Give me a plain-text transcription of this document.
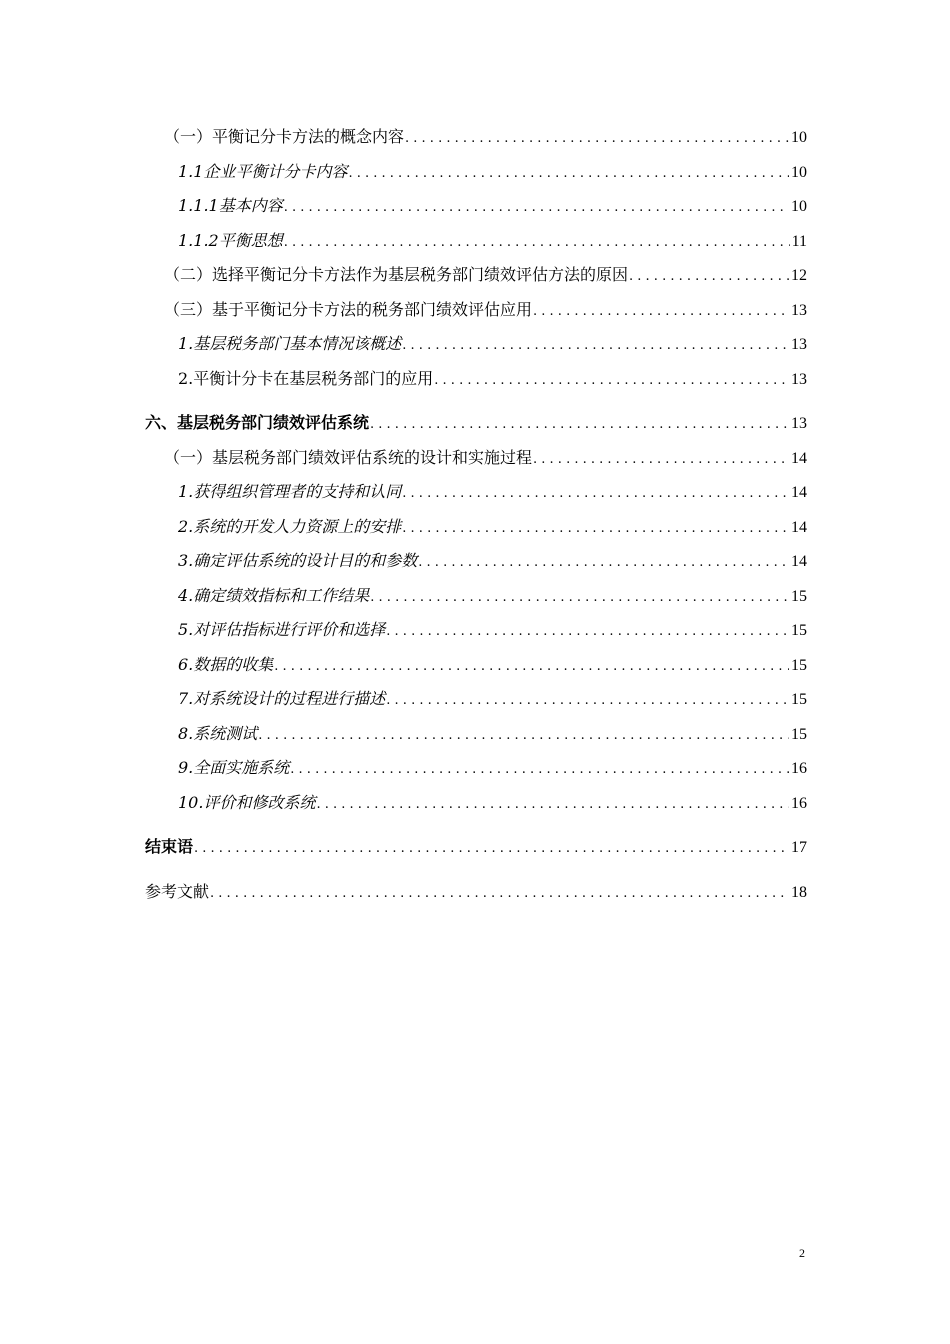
（一）平衡记分卡方法的概念内容 . . .	10
1.1企业平衡计分卡内容 . . .	10
1.1.1基本内容 . . .	10
1.1.2平衡思想 . . .	11
（二）选择平衡记分卡方法作为基层税务部门绩效评估方法的原因 . . .	12
（三）基于平衡记分卡方法的税务部门绩效评估应用 . . .	13
1.基层税务部门基本情况该概述 . . .	13
2.平衡计分卡在基层税务部门的应用 . . .	13
六、基层税务部门绩效评估系统 . . .	13
（一）基层税务部门绩效评估系统的设计和实施过程 . . .	14
1.获得组织管理者的支持和认同 . . .	14
2.系统的开发人力资源上的安排 . . .	14
3.确定评估系统的设计目的和参数 . . .	14
4.确定绩效指标和工作结果 . . .	15
5.对评估指标进行评价和选择 . . .	15
6.数据的收集 . . .	15
7.对系统设计的过程进行描述 . . .	15
8.系统测试 . . .	15
9.全面实施系统 . . .	16
10.评价和修改系统 . . .	16
结束语 . . .	17
参考文献 . . .	18
2
